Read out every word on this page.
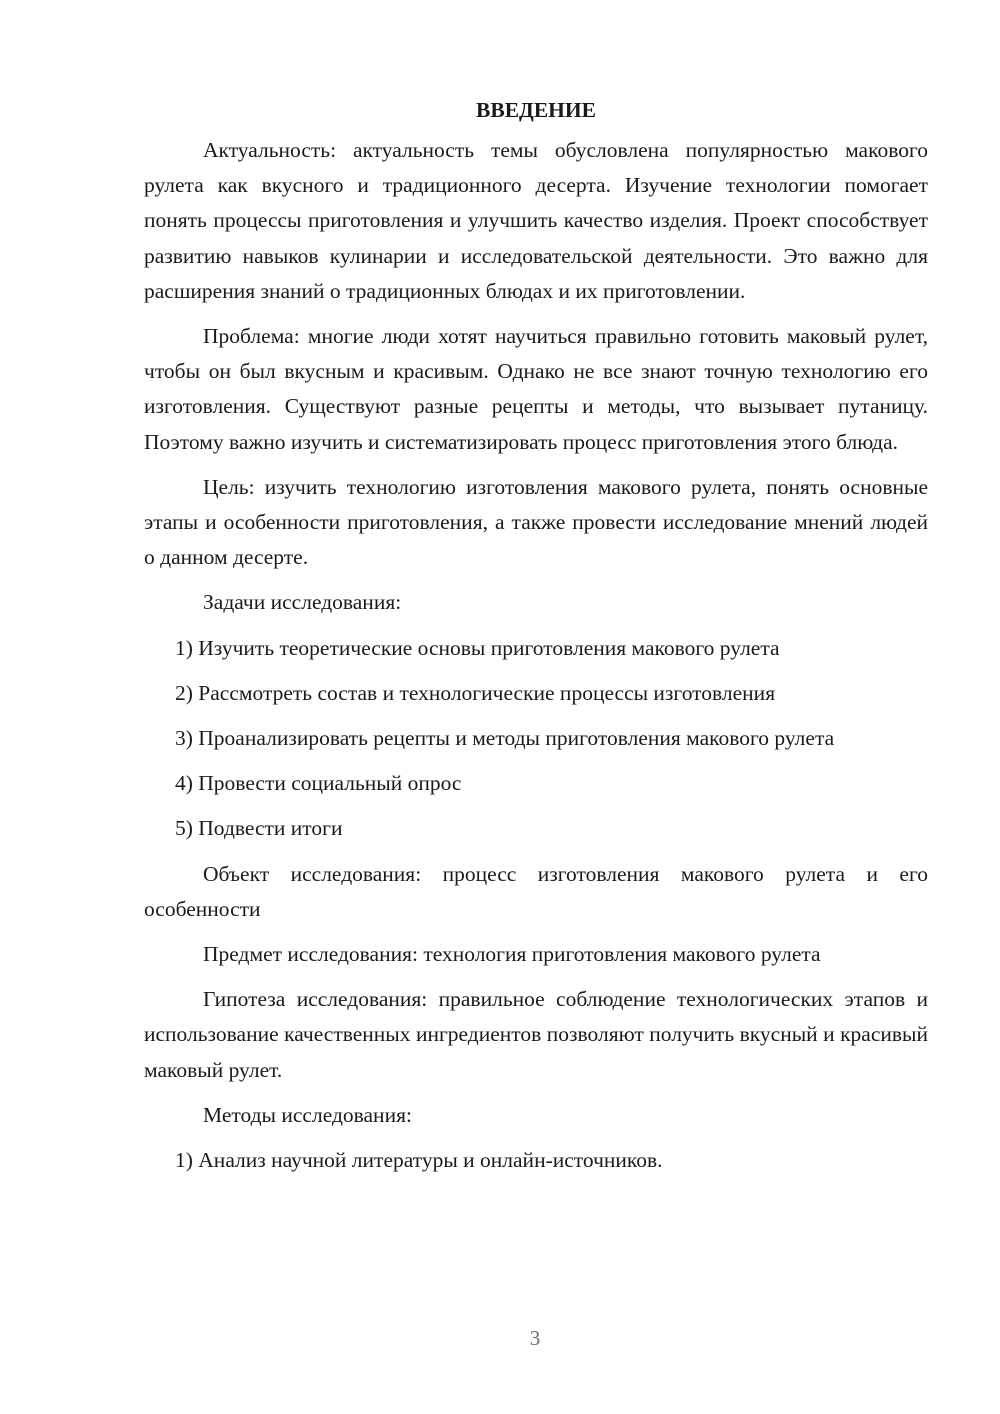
ВВЕДЕНИЕ

Актуальность: актуальность темы обусловлена популярностью макового рулета как вкусного и традиционного десерта. Изучение технологии помогает понять процессы приготовления и улучшить качество изделия. Проект способствует развитию навыков кулинарии и исследовательской деятельности. Это важно для расширения знаний о традиционных блюдах и их приготовлении.

Проблема: многие люди хотят научиться правильно готовить маковый рулет, чтобы он был вкусным и красивым. Однако не все знают точную технологию его изготовления. Существуют разные рецепты и методы, что вызывает путаницу. Поэтому важно изучить и систематизировать процесс приготовления этого блюда.

Цель: изучить технологию изготовления макового рулета, понять основные этапы и особенности приготовления, а также провести исследование мнений людей о данном десерте.

Задачи исследования:

1) Изучить теоретические основы приготовления макового рулета

2) Рассмотреть состав и технологические процессы изготовления

3) Проанализировать рецепты и методы приготовления макового рулета

4) Провести социальный опрос

5) Подвести итоги

Объект исследования: процесс изготовления макового рулета и его особенности

Предмет исследования: технология приготовления макового рулета

Гипотеза исследования: правильное соблюдение технологических этапов и использование качественных ингредиентов позволяют получить вкусный и красивый маковый рулет.

Методы исследования:

1) Анализ научной литературы и онлайн-источников.

3
